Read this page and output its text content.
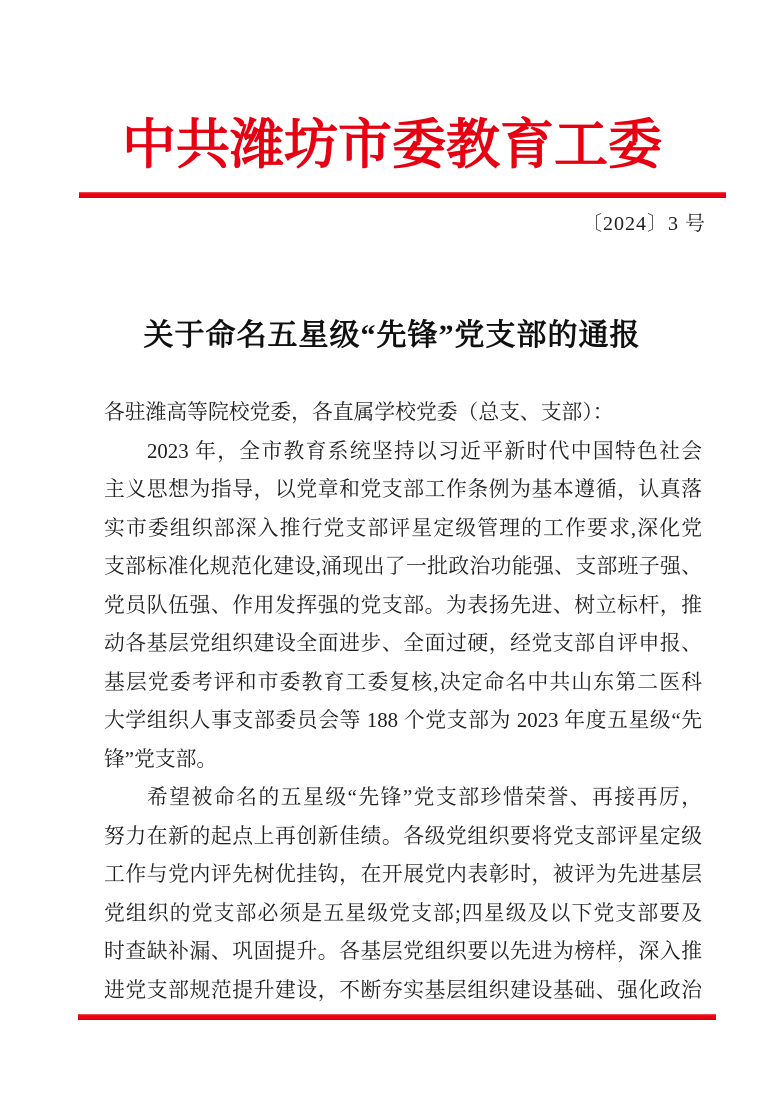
中共潍坊市委教育工委
〔2024〕3 号
关于命名五星级“先锋”党支部的通报
各驻潍高等院校党委，各直属学校党委（总支、支部）：
2023 年，全市教育系统坚持以习近平新时代中国特色社会
主义思想为指导，以党章和党支部工作条例为基本遵循，认真落
实市委组织部深入推行党支部评星定级管理的工作要求,深化党
支部标准化规范化建设,涌现出了一批政治功能强、支部班子强、
党员队伍强、作用发挥强的党支部。为表扬先进、树立标杆，推
动各基层党组织建设全面进步、全面过硬，经党支部自评申报、
基层党委考评和市委教育工委复核,决定命名中共山东第二医科
大学组织人事支部委员会等 188 个党支部为 2023 年度五星级“先
锋”党支部。
希望被命名的五星级“先锋”党支部珍惜荣誉、再接再厉，
努力在新的起点上再创新佳绩。各级党组织要将党支部评星定级
工作与党内评先树优挂钩，在开展党内表彰时，被评为先进基层
党组织的党支部必须是五星级党支部;四星级及以下党支部要及
时查缺补漏、巩固提升。各基层党组织要以先进为榜样，深入推
进党支部规范提升建设，不断夯实基层组织建设基础、强化政治
